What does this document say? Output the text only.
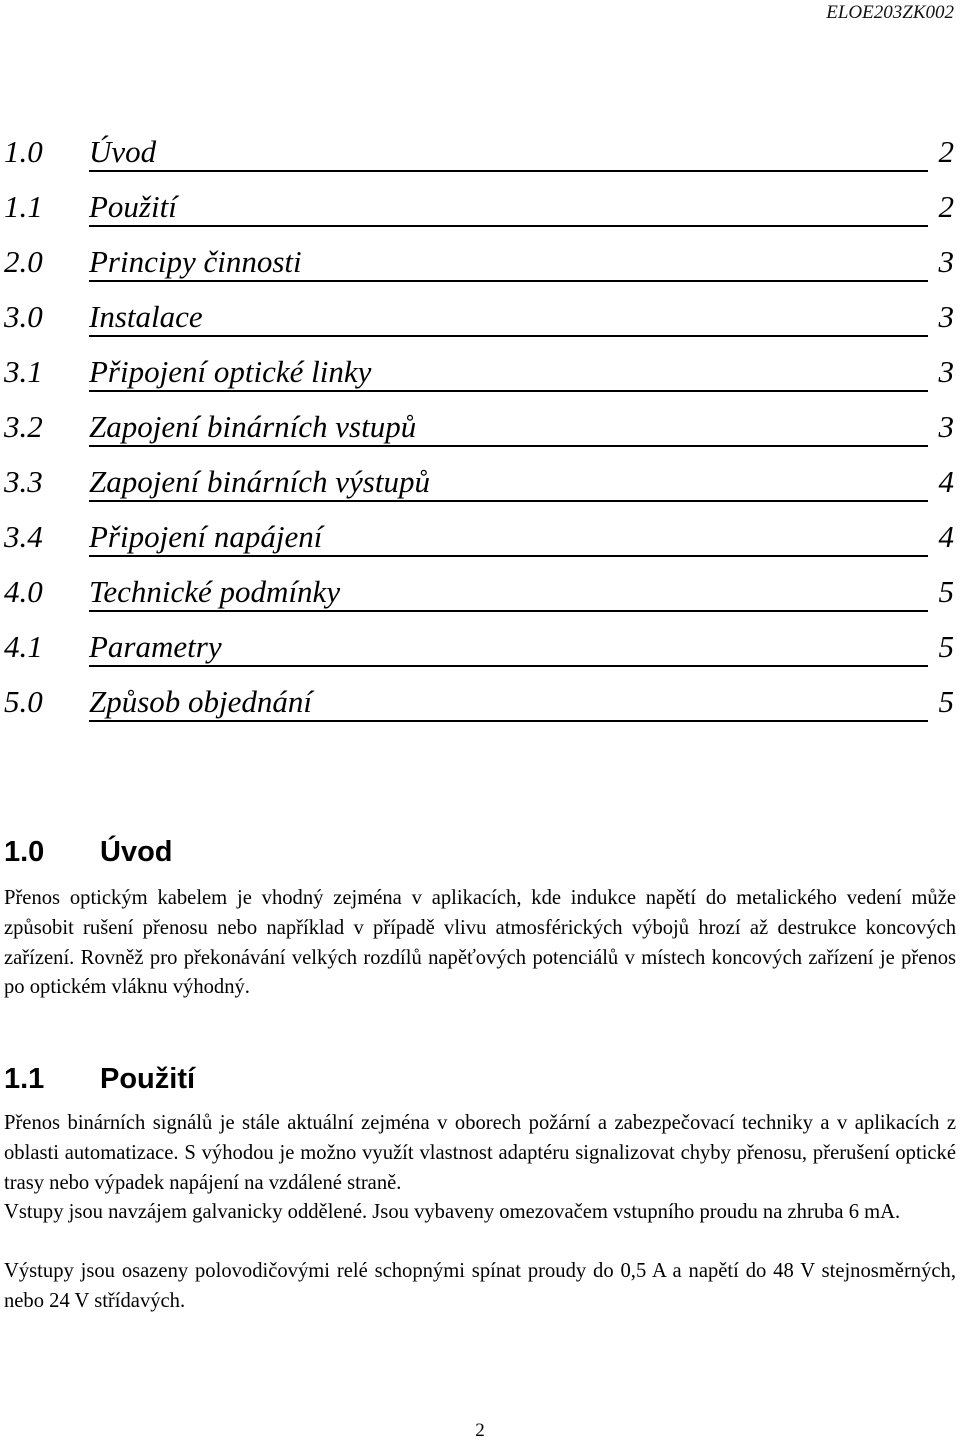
ELOE203ZK002
1.0 Úvod	2
1.1 Použití	2
2.0 Principy činnosti	3
3.0 Instalace	3
3.1 Připojení optické linky	3
3.2 Zapojení binárních vstupů	3
3.3 Zapojení binárních výstupů	4
3.4 Připojení napájení	4
4.0 Technické podmínky	5
4.1 Parametry	5
5.0 Způsob objednání	5
1.0 Úvod

Přenos optickým kabelem je vhodný zejména v aplikacích, kde indukce napětí do metalického vedení může způsobit rušení přenosu nebo například v případě vlivu atmosférických výbojů hrozí až destrukce koncových zařízení. Rovněž pro překonávání velkých rozdílů napěťových potenciálů v místech koncových zařízení je přenos po optickém vláknu výhodný.

1.1 Použití

Přenos binárních signálů je stále aktuální zejména v oborech požární a zabezpečovací techniky a v aplikacích z oblasti automatizace. S výhodou je možno využít vlastnost adaptéru signalizovat chyby přenosu, přerušení optické trasy nebo výpadek napájení na vzdálené straně.

Vstupy jsou navzájem galvanicky oddělené. Jsou vybaveny omezovačem vstupního proudu na zhruba 6 mA.

Výstupy jsou osazeny polovodičovými relé schopnými spínat proudy do 0,5 A a napětí do 48 V stejnosměrných, nebo 24 V střídavých.

2
